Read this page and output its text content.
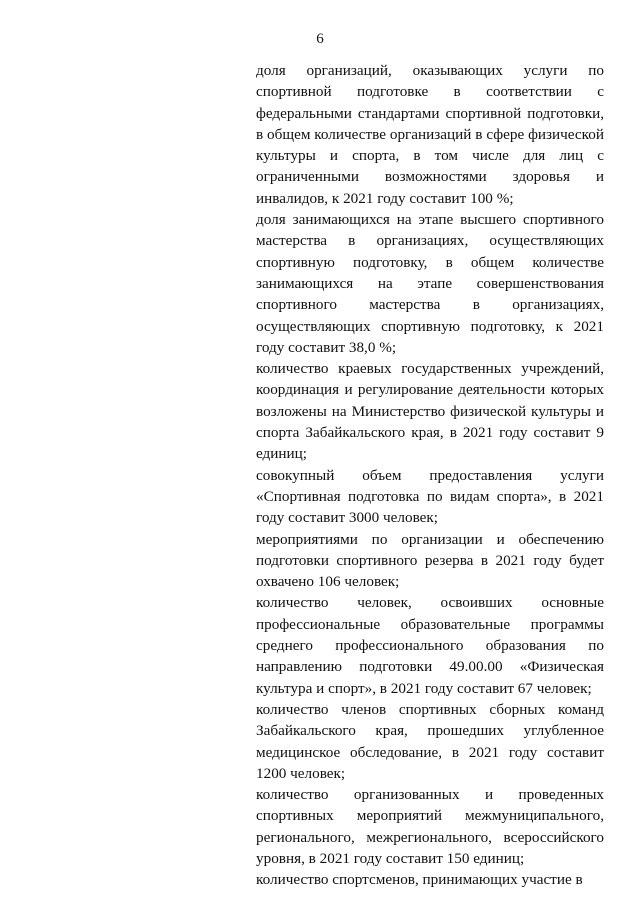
6

доля организаций, оказывающих услуги по спортивной подготовке в соответствии с федеральными стандартами спортивной подготовки, в общем количестве организаций в сфере физической культуры и спорта, в том числе для лиц с ограниченными возможностями здоровья и инвалидов, к 2021 году составит 100 %;

доля занимающихся на этапе высшего спортивного мастерства в организациях, осуществляющих спортивную подготовку, в общем количестве занимающихся на этапе совершенствования спортивного мастерства в организациях, осуществляющих спортивную подготовку, к 2021 году составит 38,0 %;

количество краевых государственных учреждений, координация и регулирование деятельности которых возложены на Министерство физической культуры и спорта Забайкальского края, в 2021 году составит 9 единиц;

совокупный объем предоставления услуги «Спортивная подготовка по видам спорта», в 2021 году составит 3000 человек;

мероприятиями по организации и обеспечению подготовки спортивного резерва в 2021 году будет охвачено 106 человек;

количество человек, освоивших основные профессиональные образовательные программы среднего профессионального образования по направлению подготовки 49.00.00 «Физическая культура и спорт», в 2021 году составит 67 человек;

количество членов спортивных сборных команд Забайкальского края, прошедших углубленное медицинское обследование, в 2021 году составит 1200 человек;

количество организованных и проведенных спортивных мероприятий межмуниципального, регионального, межрегионального, всероссийского уровня, в 2021 году составит 150 единиц;

количество спортсменов, принимающих участие в
